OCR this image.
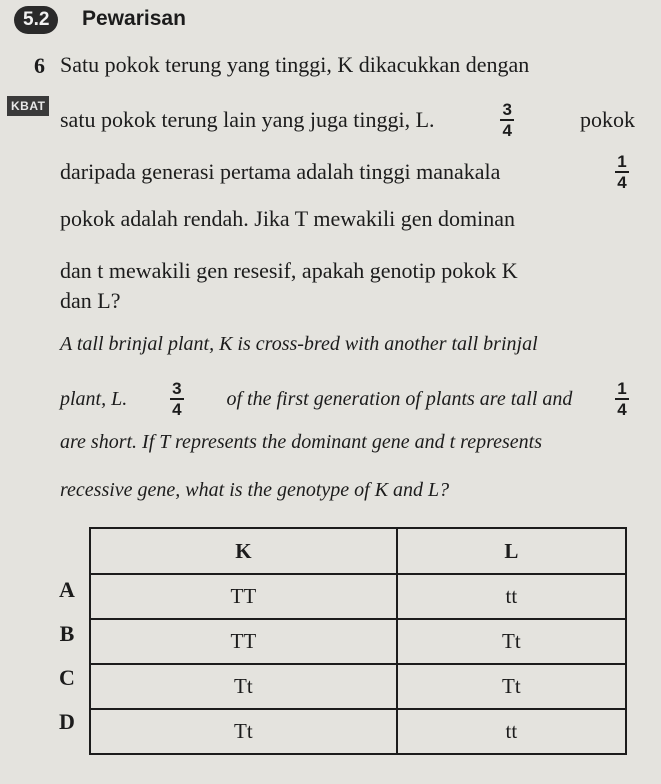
5.2	Pewarisan
6
KBAT
Satu pokok terung yang tinggi, K dikacukkan dengan
satu pokok terung lain yang juga tinggi, L.	$\frac{3}{4}$	pokok
daripada generasi pertama adalah tinggi manakala	$\frac{1}{4}$
pokok adalah rendah. Jika T mewakili gen dominan
dan t mewakili gen resesif, apakah genotip pokok K
dan L?
A tall brinjal plant, K is cross-bred with another tall brinjal
plant, L.	$\frac{3}{4}$ of the first generation of plants are tall and	$\frac{1}{4}$
are short. If T represents the dominant gene and t represents
recessive gene, what is the genotype of K and L?
A
B
C
D
K	L
TT	tt
TT	Tt
Tt	Tt
Tt	tt
